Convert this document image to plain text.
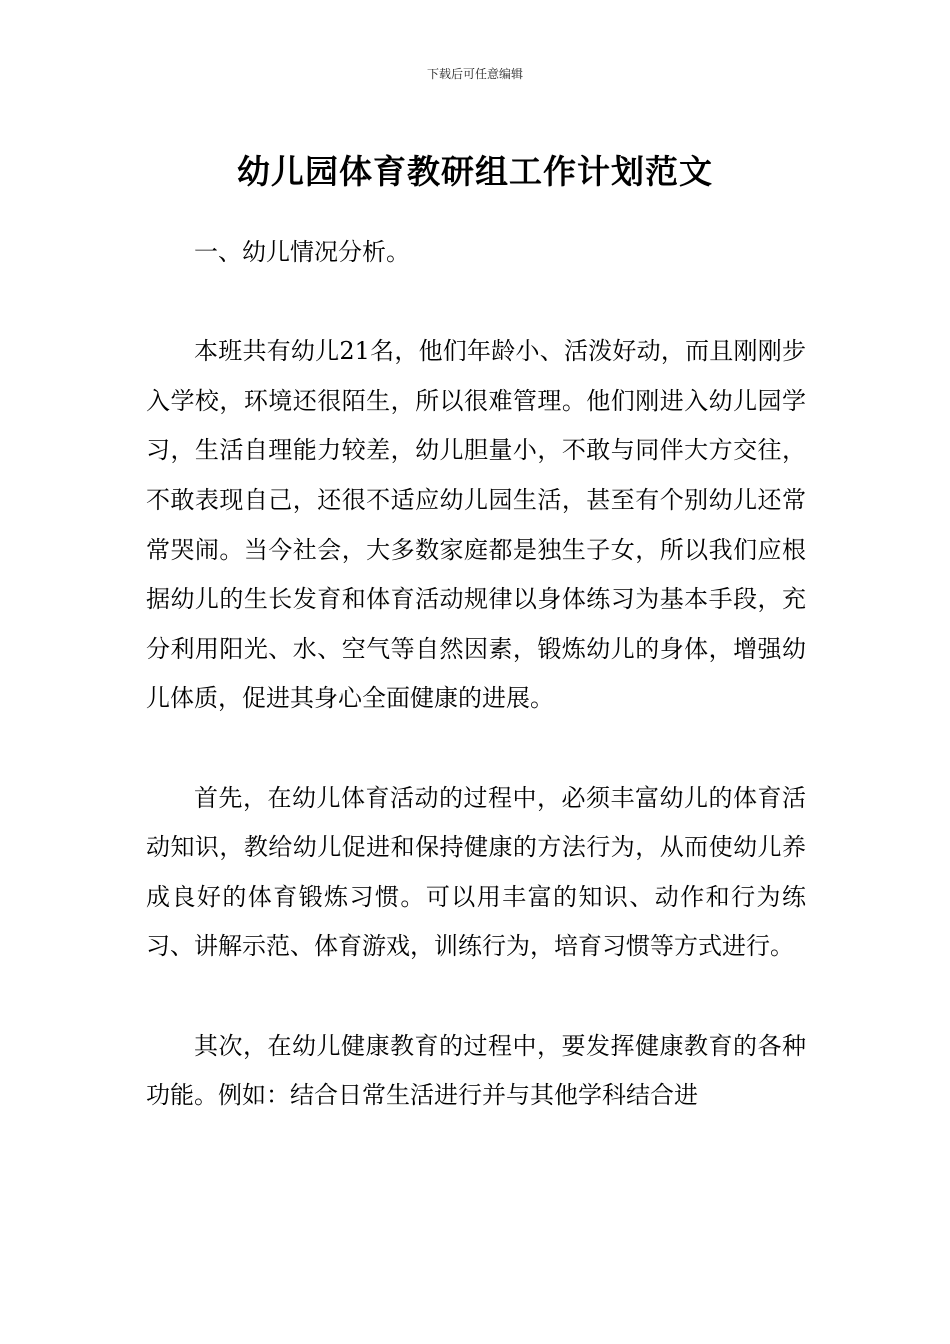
下载后可任意编辑
幼儿园体育教研组工作计划范文

一、幼儿情况分析。

本班共有幼儿21名，他们年龄小、活泼好动，而且刚刚步入学校，环境还很陌生，所以很难管理。他们刚进入幼儿园学习，生活自理能力较差，幼儿胆量小，不敢与同伴大方交往，不敢表现自己，还很不适应幼儿园生活，甚至有个别幼儿还常常哭闹。当今社会，大多数家庭都是独生子女，所以我们应根据幼儿的生长发育和体育活动规律以身体练习为基本手段，充分利用阳光、水、空气等自然因素，锻炼幼儿的身体，增强幼儿体质，促进其身心全面健康的进展。

首先，在幼儿体育活动的过程中，必须丰富幼儿的体育活动知识，教给幼儿促进和保持健康的方法行为，从而使幼儿养成良好的体育锻炼习惯。可以用丰富的知识、动作和行为练习、讲解示范、体育游戏，训练行为，培育习惯等方式进行。

其次，在幼儿健康教育的过程中，要发挥健康教育的各种功能。例如：结合日常生活进行并与其他学科结合进
